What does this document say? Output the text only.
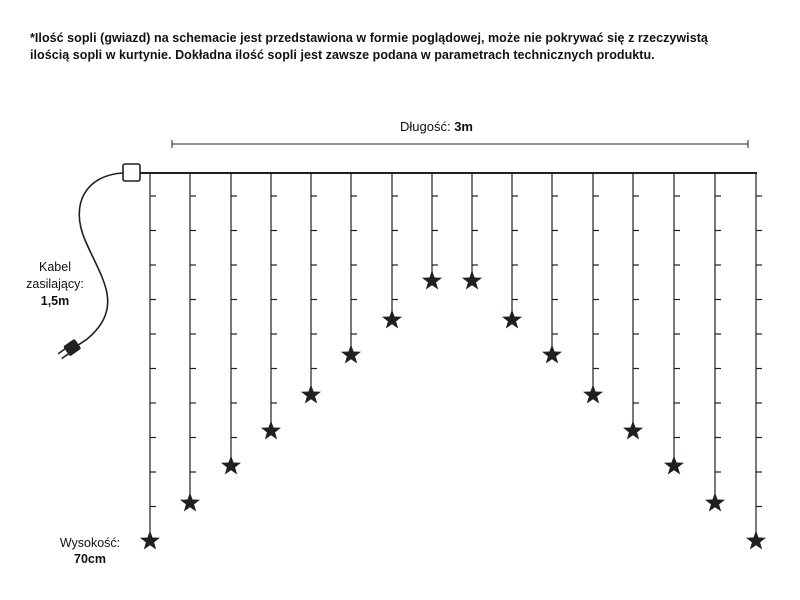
*Ilość sopli (gwiazd) na schemacie jest przedstawiona w formie poglądowej, może nie pokrywać się z rzeczywistą
ilością sopli w kurtynie. Dokładna ilość sopli jest zawsze podana w parametrach technicznych produktu.
Długość: 3m
Kabel
zasilający:
1,5m
Wysokość:
70cm
